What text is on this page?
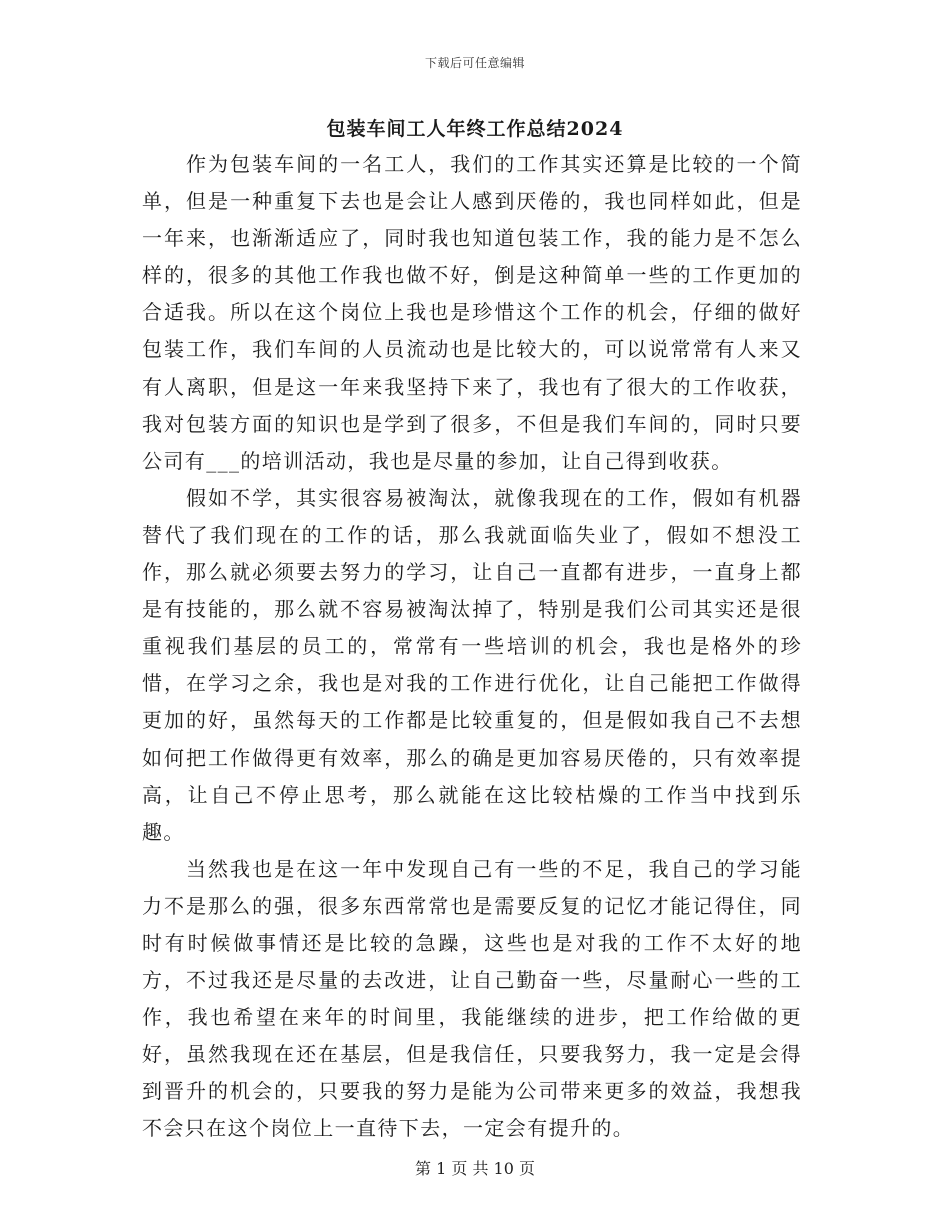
下载后可任意编辑
包装车间工人年终工作总结2024

作为包装车间的一名工人，我们的工作其实还算是比较的一个简单，但是一种重复下去也是会让人感到厌倦的，我也同样如此，但是一年来，也渐渐适应了，同时我也知道包装工作，我的能力是不怎么样的，很多的其他工作我也做不好，倒是这种简单一些的工作更加的合适我。所以在这个岗位上我也是珍惜这个工作的机会，仔细的做好包装工作，我们车间的人员流动也是比较大的，可以说常常有人来又有人离职，但是这一年来我坚持下来了，我也有了很大的工作收获，我对包装方面的知识也是学到了很多，不但是我们车间的，同时只要公司有___的培训活动，我也是尽量的参加，让自己得到收获。

假如不学，其实很容易被淘汰，就像我现在的工作，假如有机器替代了我们现在的工作的话，那么我就面临失业了，假如不想没工作，那么就必须要去努力的学习，让自己一直都有进步，一直身上都是有技能的，那么就不容易被淘汰掉了，特别是我们公司其实还是很重视我们基层的员工的，常常有一些培训的机会，我也是格外的珍惜，在学习之余，我也是对我的工作进行优化，让自己能把工作做得更加的好，虽然每天的工作都是比较重复的，但是假如我自己不去想如何把工作做得更有效率，那么的确是更加容易厌倦的，只有效率提高，让自己不停止思考，那么就能在这比较枯燥的工作当中找到乐趣。

当然我也是在这一年中发现自己有一些的不足，我自己的学习能力不是那么的强，很多东西常常也是需要反复的记忆才能记得住，同时有时候做事情还是比较的急躁，这些也是对我的工作不太好的地方，不过我还是尽量的去改进，让自己勤奋一些，尽量耐心一些的工作，我也希望在来年的时间里，我能继续的进步，把工作给做的更好，虽然我现在还在基层，但是我信任，只要我努力，我一定是会得到晋升的机会的，只要我的努力是能为公司带来更多的效益，我想我不会只在这个岗位上一直待下去，一定会有提升的。

第 1 页 共 10 页
